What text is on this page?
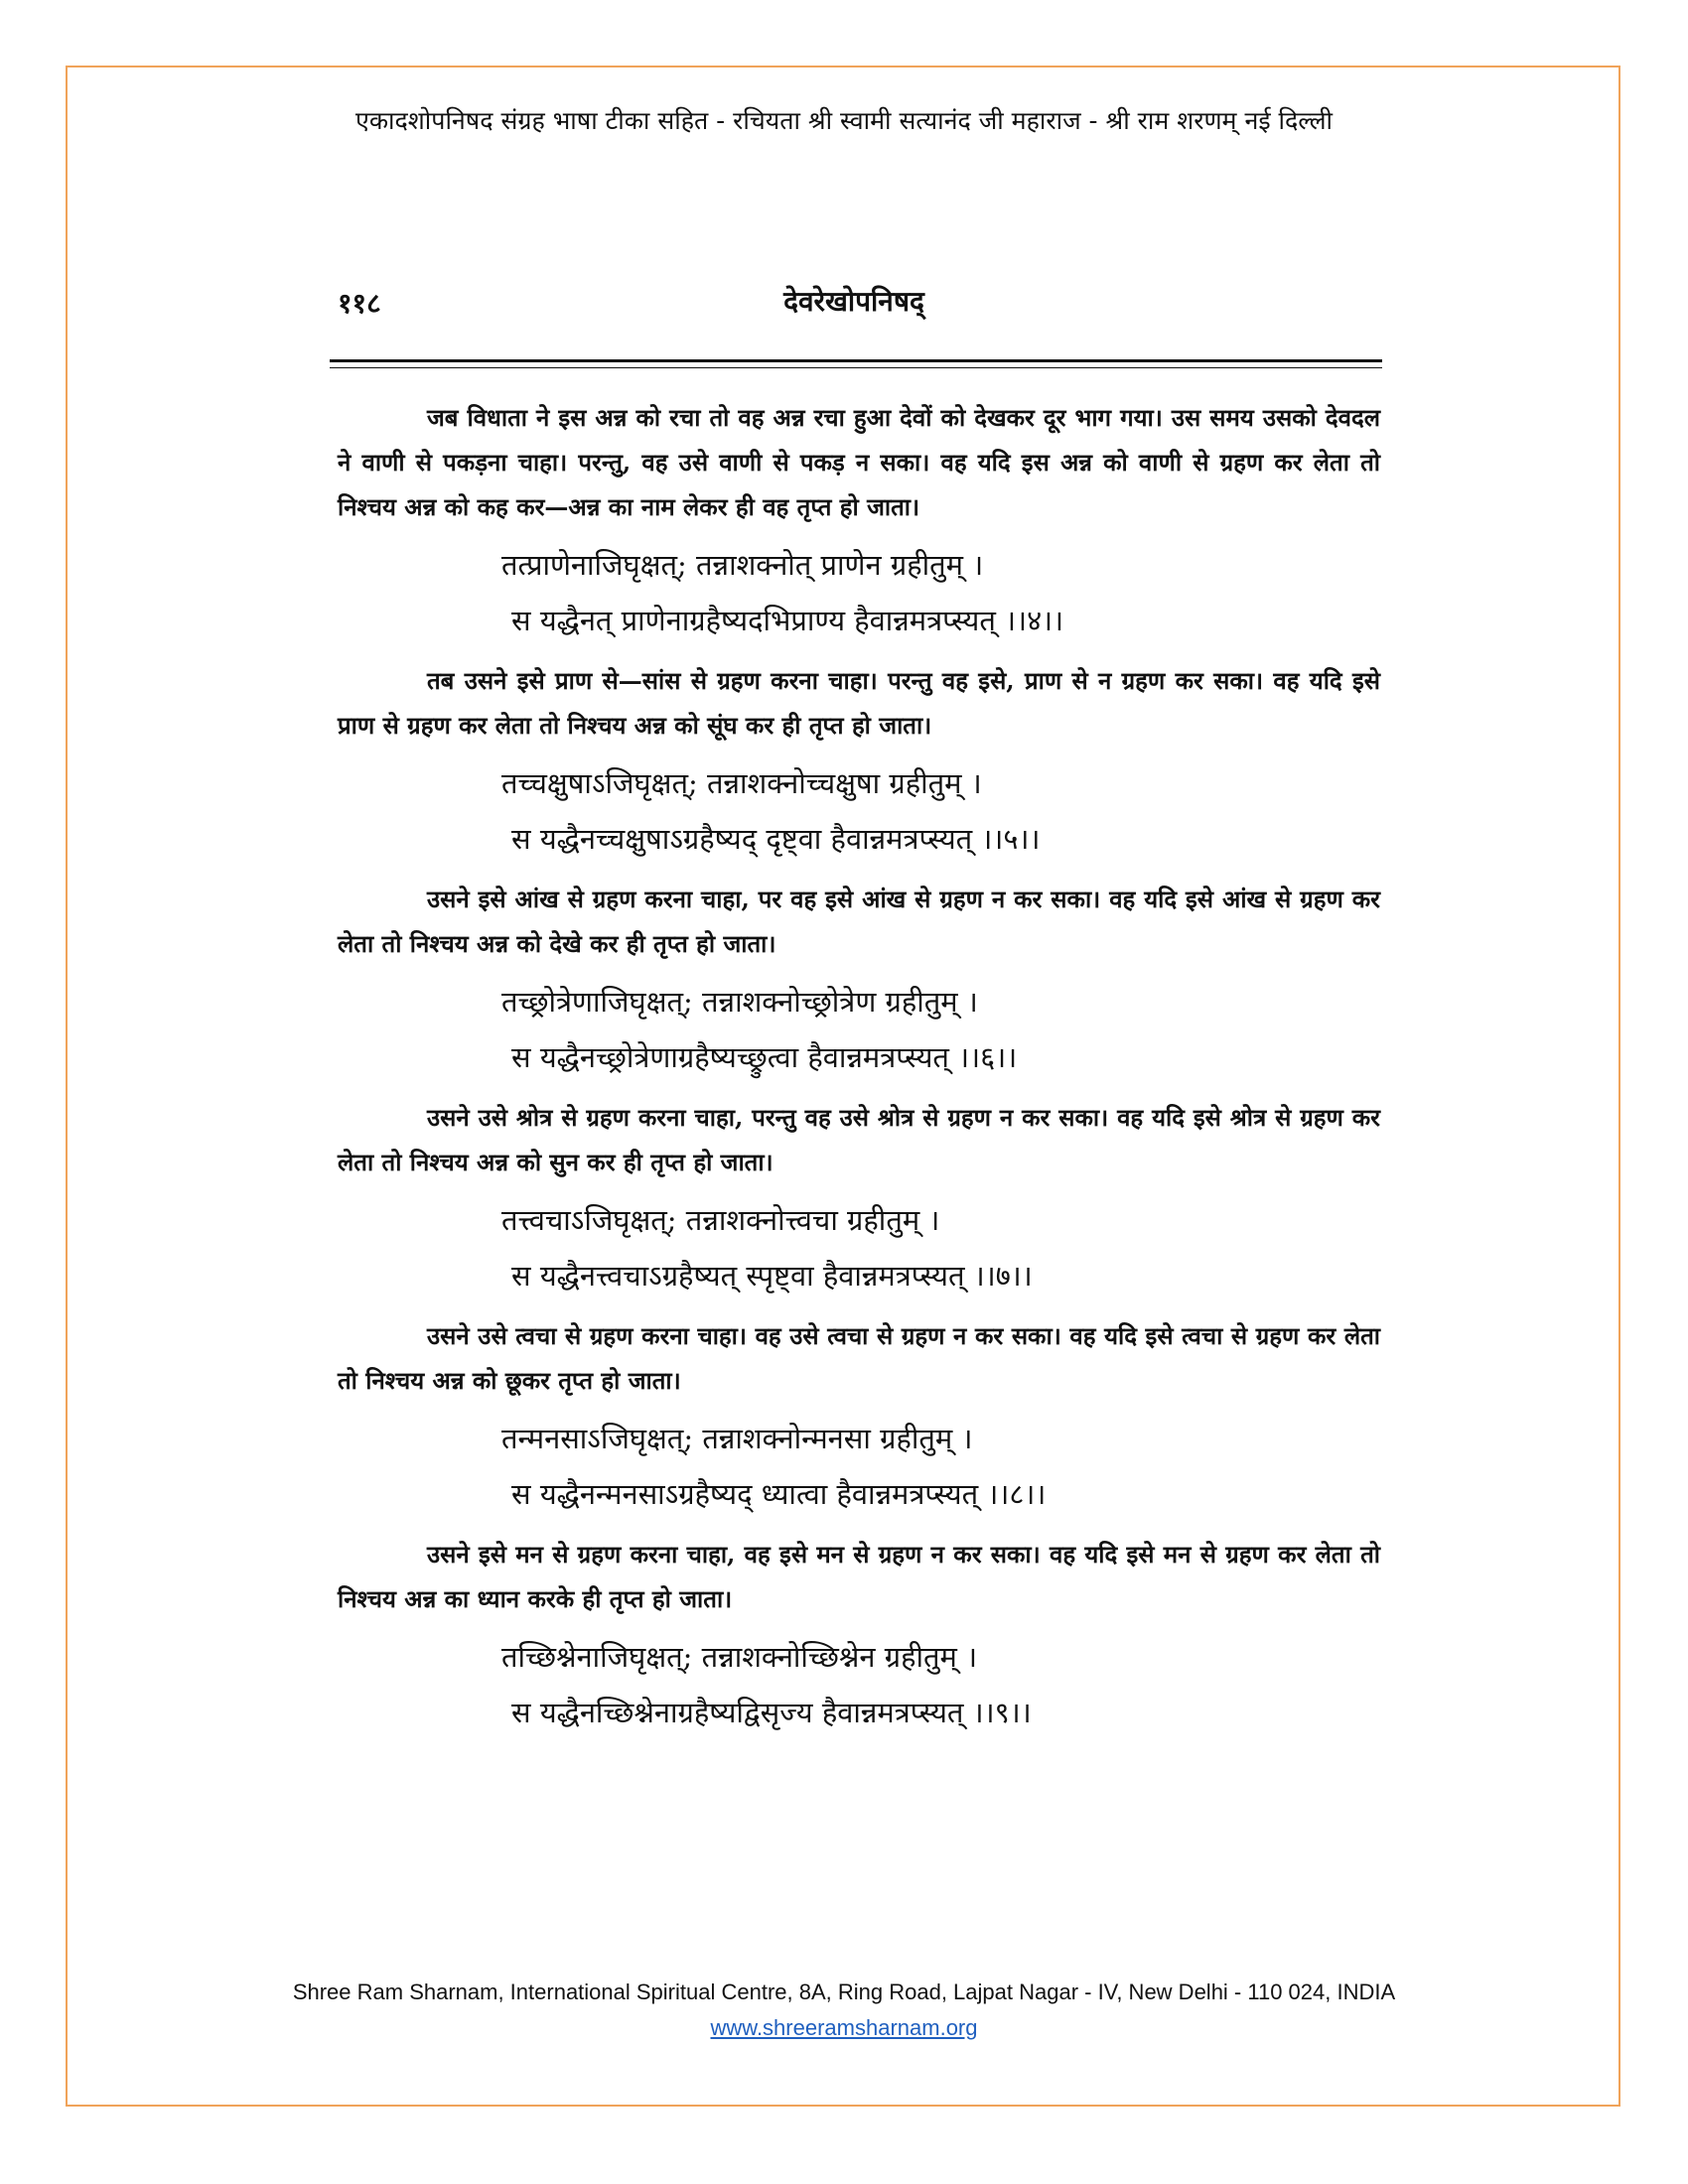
एकादशोपनिषद संग्रह भाषा टीका सहित - रचियता श्री स्वामी सत्यानंद जी महाराज - श्री राम शरणम् नई दिल्ली
११८	देवरेखोपनिषद्

जब विधाता ने इस अन्न को रचा तो वह अन्न रचा हुआ देवों को देखकर दूर भाग गया। उस समय उसको देवदल ने वाणी से पकड़ना चाहा। परन्तु, वह उसे वाणी से पकड़ न सका। वह यदि इस अन्न को वाणी से ग्रहण कर लेता तो निश्चय अन्न को कह कर—अन्न का नाम लेकर ही वह तृप्त हो जाता।

तत्प्राणेनाजिघृक्षत्; तन्नाशक्नोत् प्राणेन ग्रहीतुम् ।
स यद्धैनत् प्राणेनाग्रहैष्यदभिप्राण्य हैवान्नमत्रप्स्यत् ।।४।।

तब उसने इसे प्राण से—सांस से ग्रहण करना चाहा। परन्तु वह इसे, प्राण से न ग्रहण कर सका। वह यदि इसे प्राण से ग्रहण कर लेता तो निश्चय अन्न को सूंघ कर ही तृप्त हो जाता।

तच्चक्षुषाऽजिघृक्षत्; तन्नाशक्नोच्चक्षुषा ग्रहीतुम् ।
स यद्धैनच्चक्षुषाऽग्रहैष्यद् दृष्ट्वा हैवान्नमत्रप्स्यत् ।।५।।

उसने इसे आंख से ग्रहण करना चाहा, पर वह इसे आंख से ग्रहण न कर सका। वह यदि इसे आंख से ग्रहण कर लेता तो निश्चय अन्न को देखे कर ही तृप्त हो जाता।

तच्छ्रोत्रेणाजिघृक्षत्; तन्नाशक्नोच्छ्रोत्रेण ग्रहीतुम् ।
स यद्धैनच्छ्रोत्रेणाग्रहैष्यच्छ्रुत्वा हैवान्नमत्रप्स्यत् ।।६।।

उसने उसे श्रोत्र से ग्रहण करना चाहा, परन्तु वह उसे श्रोत्र से ग्रहण न कर सका। वह यदि इसे श्रोत्र से ग्रहण कर लेता तो निश्चय अन्न को सुन कर ही तृप्त हो जाता।

तत्त्वचाऽजिघृक्षत्; तन्नाशक्नोत्त्वचा ग्रहीतुम् ।
स यद्धैनत्त्वचाऽग्रहैष्यत् स्पृष्ट्वा हैवान्नमत्रप्स्यत् ।।७।।

उसने उसे त्वचा से ग्रहण करना चाहा। वह उसे त्वचा से ग्रहण न कर सका। वह यदि इसे त्वचा से ग्रहण कर लेता तो निश्चय अन्न को छूकर तृप्त हो जाता।

तन्मनसाऽजिघृक्षत्; तन्नाशक्नोन्मनसा ग्रहीतुम् ।
स यद्धैनन्मनसाऽग्रहैष्यद् ध्यात्वा हैवान्नमत्रप्स्यत् ।।८।।

उसने इसे मन से ग्रहण करना चाहा, वह इसे मन से ग्रहण न कर सका। वह यदि इसे मन से ग्रहण कर लेता तो निश्चय अन्न का ध्यान करके ही तृप्त हो जाता।

तच्छिश्नेनाजिघृक्षत्; तन्नाशक्नोच्छिश्नेन ग्रहीतुम् ।
स यद्धैनच्छिश्नेनाग्रहैष्यद्विसृज्य हैवान्नमत्रप्स्यत् ।।९।।
Shree Ram Sharnam, International Spiritual Centre, 8A, Ring Road, Lajpat Nagar - IV, New Delhi - 110 024, INDIA
www.shreeramsharnam.org
